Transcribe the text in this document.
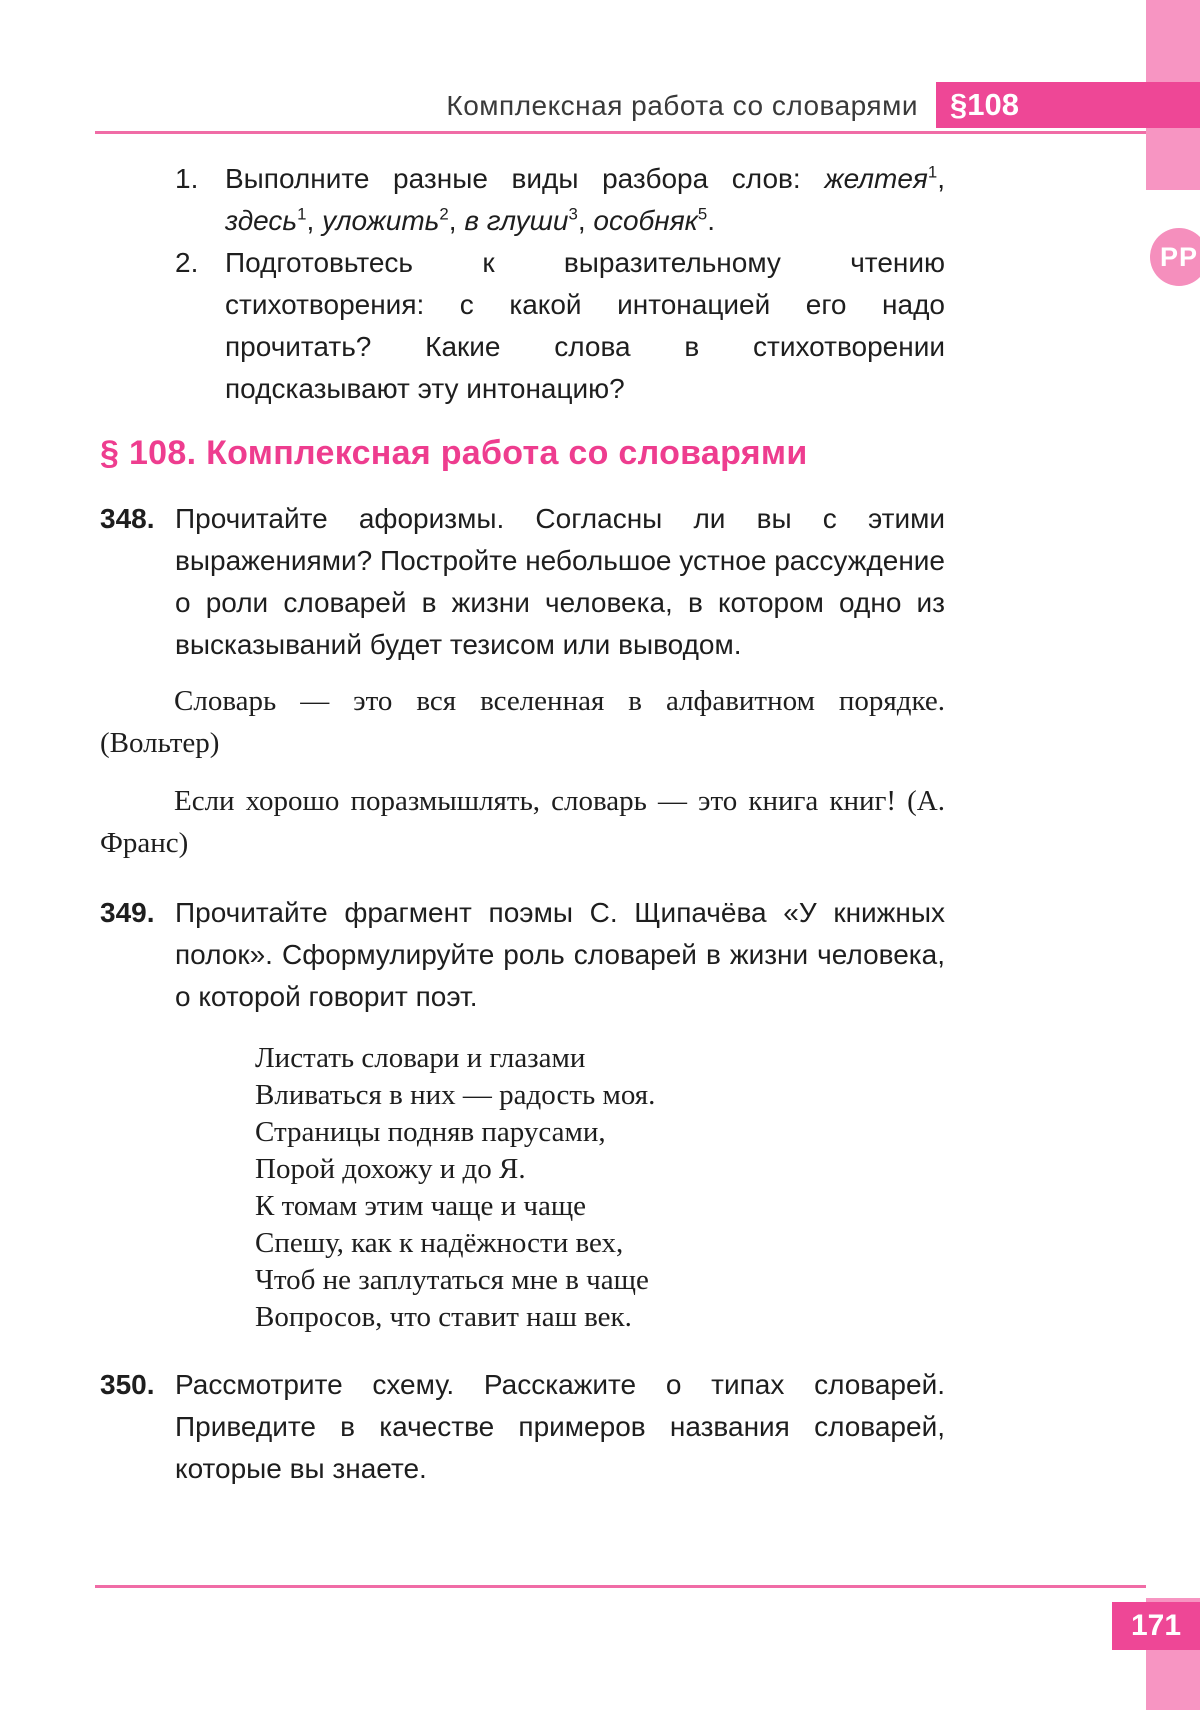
§108
РР
171
Комплексная работа со словарями
1. Выполните разные виды разбора слов: желтея$^1$, здесь$^1$, уложить$^2$, в глуши$^3$, особняк$^5$.
2. Подготовьтесь к выразительному чтению стихотворения: с какой интонацией его надо прочитать? Какие слова в стихотворении подсказывают эту интонацию?
§ 108. Комплексная работа со словарями
348. Прочитайте афоризмы. Согласны ли вы с этими выражениями? Постройте небольшое устное рассуждение о роли словарей в жизни человека, в котором одно из высказываний будет тезисом или выводом.

Словарь — это вся вселенная в алфавитном порядке. (Вольтер)

Если хорошо поразмышлять, словарь — это книга книг! (А. Франс)

349. Прочитайте фрагмент поэмы С. Щипачёва «У книжных полок». Сформулируйте роль словарей в жизни человека, о которой говорит поэт.
Листать словари и глазами
Вливаться в них — радость моя.
Страницы подняв парусами,
Порой дохожу и до Я.
К томам этим чаще и чаще
Спешу, как к надёжности вех,
Чтоб не заплутаться мне в чаще
Вопросов, что ставит наш век.
350. Рассмотрите схему. Расскажите о типах словарей. Приведите в качестве примеров названия словарей, которые вы знаете.
